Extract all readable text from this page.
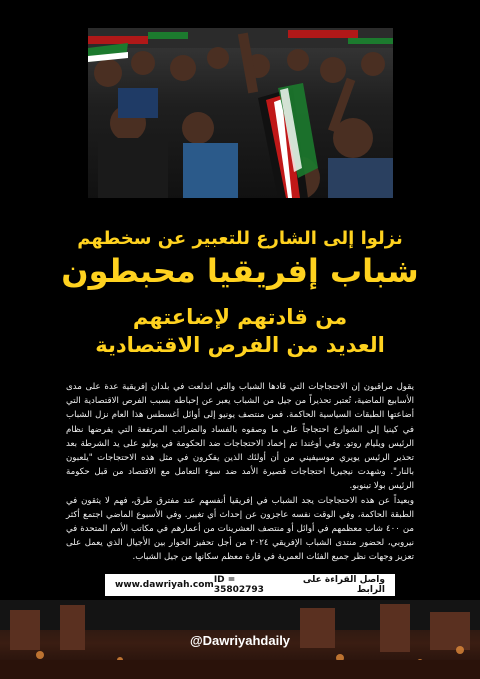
نزلوا إلى الشارع للتعبير عن سخطهم
شباب إفريقيا محبطون
من قادتهم لإضاعتهم
العديد من الفرص الاقتصادية

يقول مراقبون إن الاحتجاجات التي قادها الشباب والتي اندلعت في بلدان إفريقية عدة على مدى الأسابيع الماضية، تُعتبر تحذيراً من جيل من الشباب يعبر عن إحباطه بسبب الفرص الاقتصادية التي أضاعتها الطبقات السياسية الحاكمة. فمن منتصف يونيو إلى أوائل أغسطس هذا العام نزل الشباب في كينيا إلى الشوارع احتجاجاً على ما وصفوه بالفساد والضرائب المرتفعة التي يفرضها نظام الرئيس ويليام روتو. وفي أوغندا تم إخماد الاحتجاجات ضد الحكومة في يوليو على يد الشرطة بعد تحذير الرئيس يويري موسيفيني من أن أولئك الذين يفكرون في مثل هذه الاحتجاجات "يلعبون بالنار". وشهدت نيجيريا احتجاجات قصيرة الأمد ضد سوء التعامل مع الاقتصاد من قبل حكومة الرئيس بولا تينوبو.

وبعيداً عن هذه الاحتجاجات يجد الشباب في إفريقيا أنفسهم عند مفترق طرق، فهم لا يثقون في الطبقة الحاكمة، وفي الوقت نفسه عاجزون عن إحداث أي تغيير. وفي الأسبوع الماضي اجتمع أكثر من ٤٠٠ شاب معظمهم في أوائل أو منتصف العشرينات من أعمارهم في مكاتب الأمم المتحدة في نيروبي، لحضور منتدى الشباب الإفريقي ٢٠٢٤ من أجل تحفيز الحوار بين الأجيال الذي يعمل على تعزيز وجهات نظر جميع الفئات العمرية في قارة معظم سكانها من جيل الشباب.

واصل القراءة على الرابط
ID = 35802793
www.dawriyah.com
@Dawriyahdaily
